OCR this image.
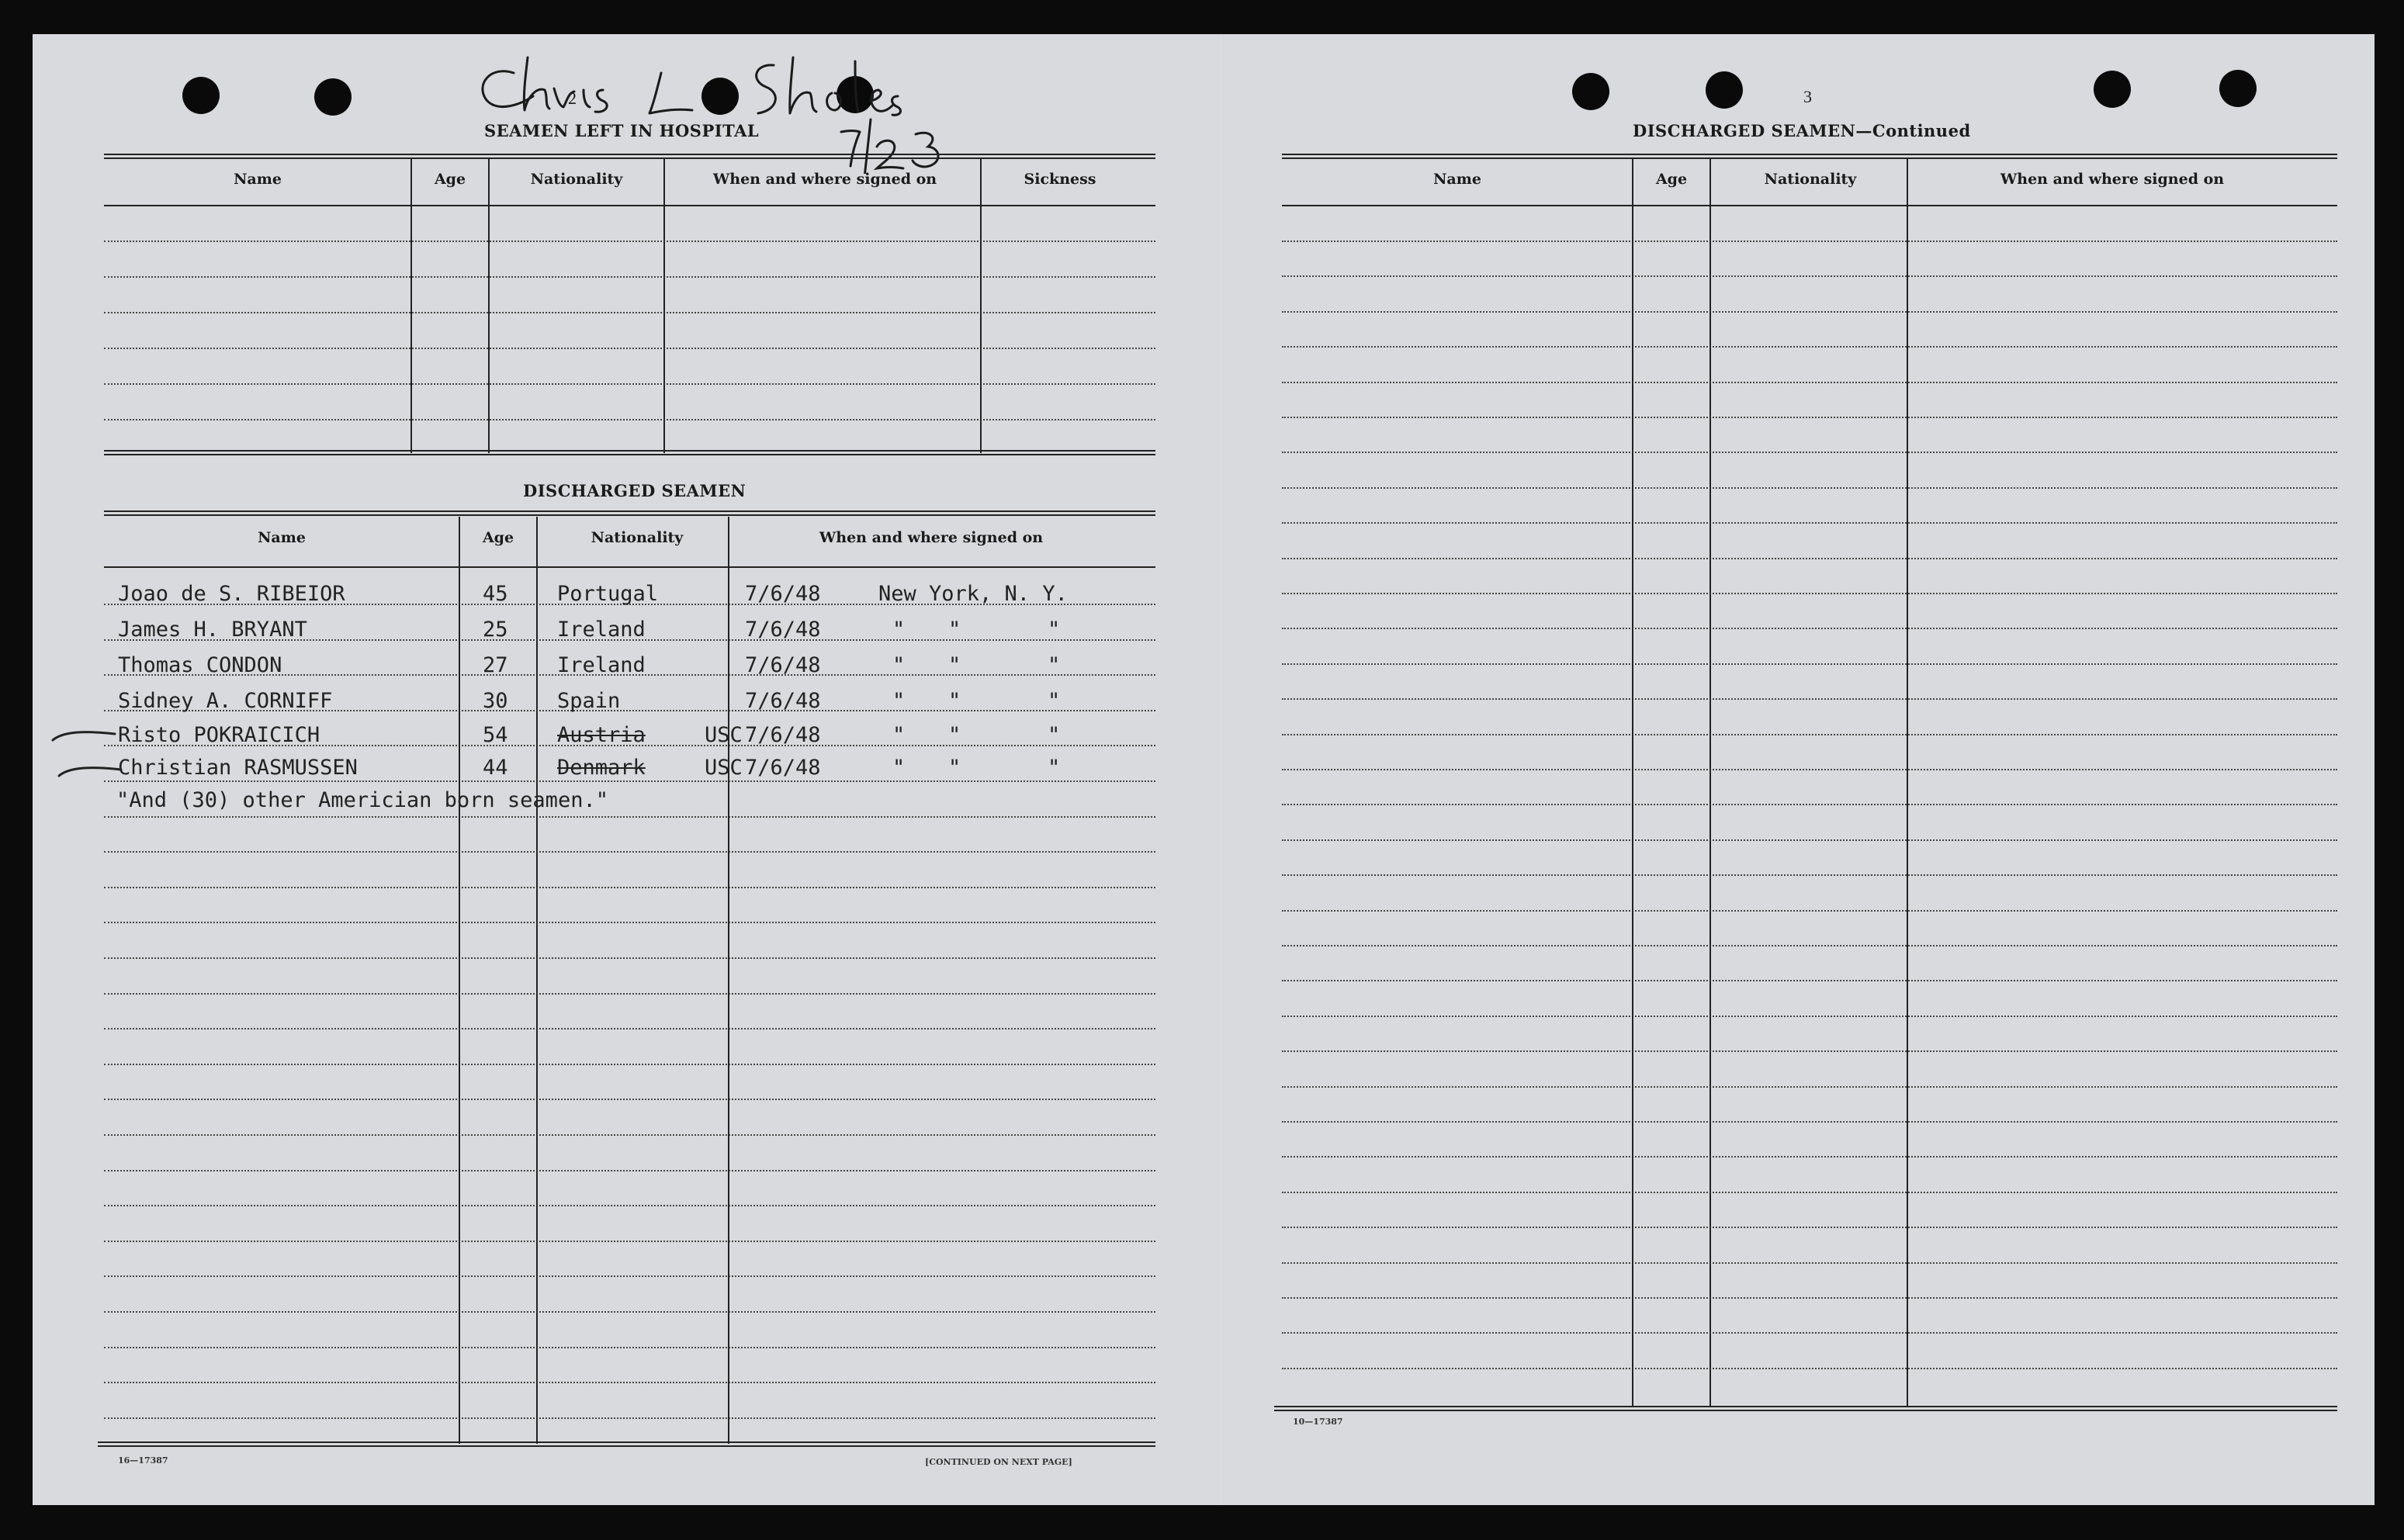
2
SEAMEN LEFT IN HOSPITAL
Name	Age	Nationality	When and where signed on	Sickness
DISCHARGED SEAMEN
Name	Age	Nationality	When and where signed on
Joao de S. RIBEIOR	45 Portugal	7/6/48	New York, N. Y.
James H. BRYANT	25 Ireland	7/6/48	" "	"
Thomas CONDON	27 Ireland	7/6/48	" "	"
Sidney A. CORNIFF	30 Spain	7/6/48	" "	"
Risto POKRAICICH	54 Austria	USC 7/6/48	" "	"
Christian RASMUSSEN	44 Denmark	USC 7/6/48	" "	"
"And (30) other Americian born seamen."
16—17387	[CONTINUED ON NEXT PAGE]
3
DISCHARGED SEAMEN—Continued
Name	Age	Nationality	When and where signed on
10—17387
